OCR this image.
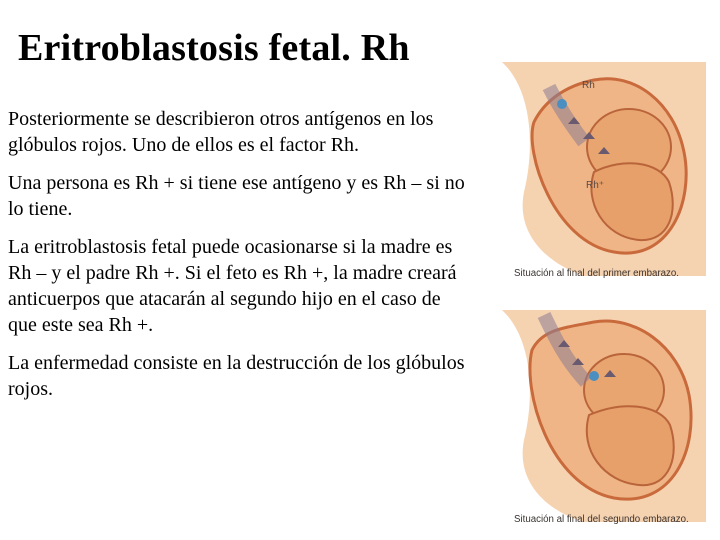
Eritroblastosis fetal. Rh

Posteriormente se describieron otros antígenos en los glóbulos rojos. Uno de ellos es el factor Rh.

Una persona es Rh + si tiene ese antígeno y es Rh – si no lo tiene.

La eritroblastosis fetal puede ocasionarse si la madre es Rh – y el padre Rh +. Si el feto es Rh +, la madre creará anticuerpos que atacarán al segundo hijo en el caso de que este sea Rh +.

La enfermedad consiste en la destrucción de los glóbulos rojos.

Rh
Rh⁺
Situación al final del primer embarazo.
Situación al final del segundo embarazo.
